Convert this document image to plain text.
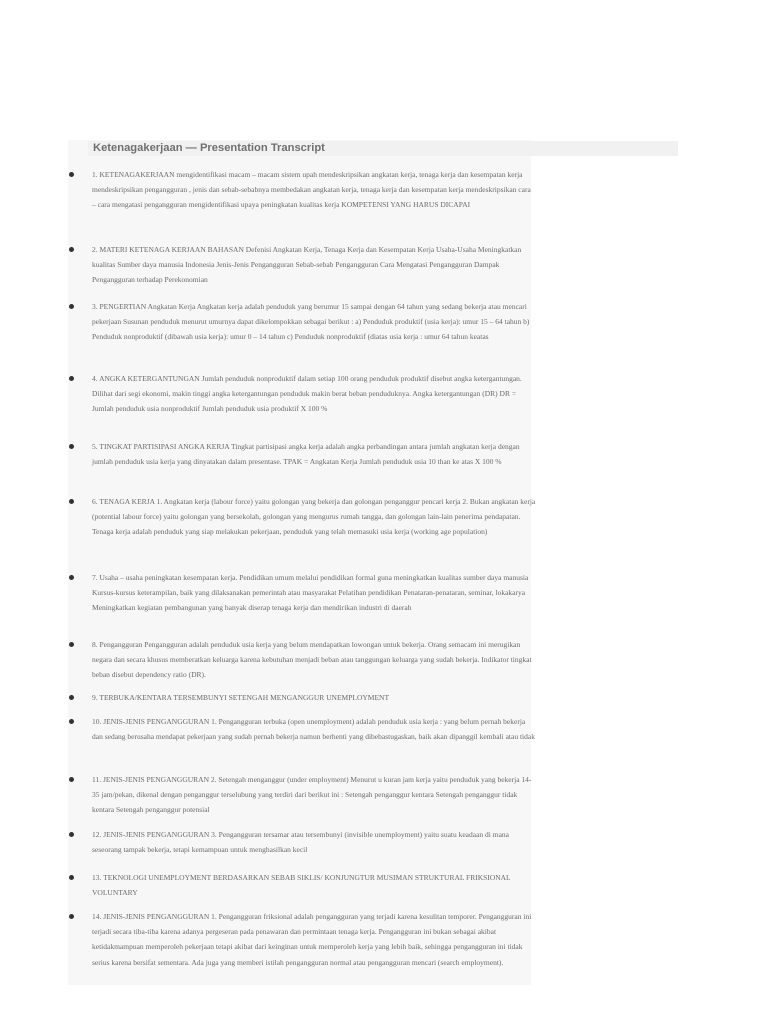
Ketenagakerjaan — Presentation Transcript
1. KETENAGAKERJAAN mengidentifikasi macam – macam sistem upah mendeskripsikan angkatan kerja, tenaga kerja dan kesempatan kerja mendeskripsikan pengangguran , jenis dan sebab-sebabnya membedakan angkatan kerja, tenaga kerja dan kesempatan kerja mendeskripsikan cara – cara mengatasi pengangguran mengidentifikasi upaya peningkatan kualitas kerja KOMPETENSI YANG HARUS DICAPAI
2. MATERI KETENAGA KERJAAN BAHASAN Defenisi Angkatan Kerja, Tenaga Kerja dan Kesempatan Kerja Usaha-Usaha Meningkatkan kualitas Sumber daya manusia Indonesia Jenis-Jenis Pengangguran Sebab-sebab Pengangguran Cara Mengatasi Pengangguran Dampak Pengangguran terhadap Perekonomian
3. PENGERTIAN Angkatan Kerja Angkatan kerja adalah penduduk yang berumur 15 sampai dengan 64 tahun yang sedang bekerja atau mencari pekerjaan Susunan penduduk menurut umurnya dapat dikelompokkan sebagai berikut : a) Penduduk produktif (usia kerja): umur 15 – 64 tahun b) Penduduk nonproduktif (dibawah usia kerja): umur 0 – 14 tahun c) Penduduk nonproduktif (diatas usia kerja : umur 64 tahun keatas
4. ANGKA KETERGANTUNGAN Jumlah penduduk nonproduktif dalam setiap 100 orang penduduk produktif disebut angka ketergantungan. Dilihat dari segi ekonomi, makin tinggi angka ketergantungan penduduk makin berat beban penduduknya. Angka ketergantungan (DR) DR = Jumlah penduduk usia nonproduktif Jumlah penduduk usia produktif X 100 %
5. TINGKAT PARTISIPASI ANGKA KERJA Tingkat partisipasi angka kerja adalah angka perbandingan antara jumlah angkatan kerja dengan jumlah penduduk usia kerja yang dinyatakan dalam presentase. TPAK = Angkatan Kerja Jumlah penduduk usia 10 than ke atas X 100 %
6. TENAGA KERJA 1. Angkatan kerja (labour force) yaitu golongan yang bekerja dan golongan penganggur pencari kerja 2. Bukan angkatan kerja (potential labour force) yaitu golongan yang bersekolah, golongan yang mengurus rumah tangga, dan golongan lain-lain penerima pendapatan. Tenaga kerja adalah penduduk yang siap melakukan pekerjaan, penduduk yang telah memasuki usia kerja (working age population)
7. Usaha – usaha peningkatan kesempatan kerja. Pendidikan umum melalui pendidikan formal guna meningkatkan kualitas sumber daya manusia Kursus-kursus keterampilan, baik yang dilaksanakan pemerintah atau masyarakat Pelatihan pendidikan Penataran-penataran, seminar, lokakarya Meningkatkan kegiatan pembangunan yang banyak diserap tenaga kerja dan mendirikan industri di daerah
8. Pengangguran Pengangguran adalah penduduk usia kerja yang belum mendapatkan lowongan untuk bekerja. Orang semacam ini merugikan negara dan secara khusus memberatkan keluarga karena kebutuhan menjadi beban atau tanggungan keluarga yang sudah bekerja. Indikator tingkat beban disebut dependency ratio (DR).
9. TERBUKA/KENTARA TERSEMBUNYI SETENGAH MENGANGGUR UNEMPLOYMENT
10. JENIS-JENIS PENGANGGURAN 1. Pengangguran terbuka (open unemployment) adalah penduduk usia kerja : yang belum pernah bekerja dan sedang berusaha mendapat pekerjaan yang sudah pernah bekerja namun berhenti yang dibebastugaskan, baik akan dipanggil kembali atau tidak
11. JENIS-JENIS PENGANGGURAN 2. Setengah menganggur (under employment) Menurut u kuran jam kerja yaitu penduduk yang bekerja 14-35 jam/pekan, dikenal dengan penganggur terselubung yang terdiri dari berikut ini : Setengah penganggur kentara Setengah penganggur tidak kentara Setengah penganggur potensial
12. JENIS-JENIS PENGANGGURAN 3. Pengangguran tersamar atau tersembunyi (invisible unemployment) yaitu suatu keadaan di mana seseorang tampak bekerja, tetapi kemampuan untuk menghasilkan kecil
13. TEKNOLOGI UNEMPLOYMENT BERDASARKAN SEBAB SIKLIS/ KONJUNGTUR MUSIMAN STRUKTURAL FRIKSIONAL VOLUNTARY
14. JENIS-JENIS PENGANGGURAN 1. Pengangguran friksional adalah pengangguran yang terjadi karena kesulitan temporer. Pengangguran ini terjadi secara tiba-tiba karena adanya pergeseran pada penawaran dan permintaan tenaga kerja. Pengangguran ini bukan sebagai akibat ketidakmampuan memperoleh pekerjaan tetapi akibat dari keinginan untuk memperoleh kerja yang lebih baik, sehingga pengangguran ini tidak serius karena bersifat sementara. Ada juga yang memberi istilah pengangguran normal atau pengangguran mencari (search employment).
